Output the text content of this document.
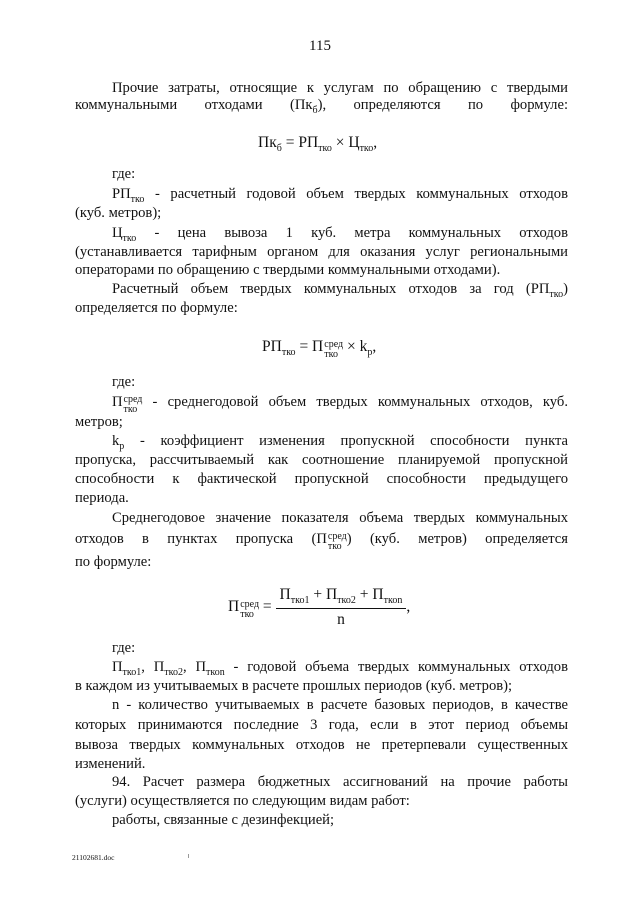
115
Прочие затраты, относящие к услугам по обращению с твердыми коммунальными отходами $(Пк_б)$, определяются по формуле:
$Пк_б = РП_{тко} \times Ц_{тко}$,
где:
$РП_{тко}$ - расчетный годовой объем твердых коммунальных отходов
(куб. метров);
$Ц_{тко}$ - цена вывоза 1 куб. метра коммунальных отходов
(устанавливается тарифным органом для оказания услуг региональными
операторами по обращению с твердыми коммунальными отходами).
Расчетный объем твердых коммунальных отходов за год $(РП_{тко})$
определяется по формуле:
$РП_{тко} = П$ сред
тко × $k_р$,
где:
П сред
тко - среднегодовой объем твердых коммунальных отходов, куб.
метров;
$k_р$ - коэффициент изменения пропускной способности пункта
пропуска, рассчитываемый как соотношение планируемой пропускной
способности к фактической пропускной способности предыдущего
периода.
Среднегодовое значение показателя объема твердых коммунальных
отходов в пунктах пропуска (П сред
тко ) (куб. метров) определяется
по формуле:
П сред
тко = $\frac{П_{тко1} + П_{тко2} + П_{ткоn}}{n}$ ,
где:
$П_{тко1}$, $П_{тко2}$, $П_{ткоn}$ - годовой объема твердых коммунальных отходов
в каждом из учитываемых в расчете прошлых периодов (куб. метров);
n - количество учитываемых в расчете базовых периодов, в качестве
которых принимаются последние 3 года, если в этот период объемы
вывоза твердых коммунальных отходов не претерпевали существенных
изменений.
94. Расчет размера бюджетных ассигнований на прочие работы
(услуги) осуществляется по следующим видам работ:
работы, связанные с дезинфекцией;
21102681.doc
